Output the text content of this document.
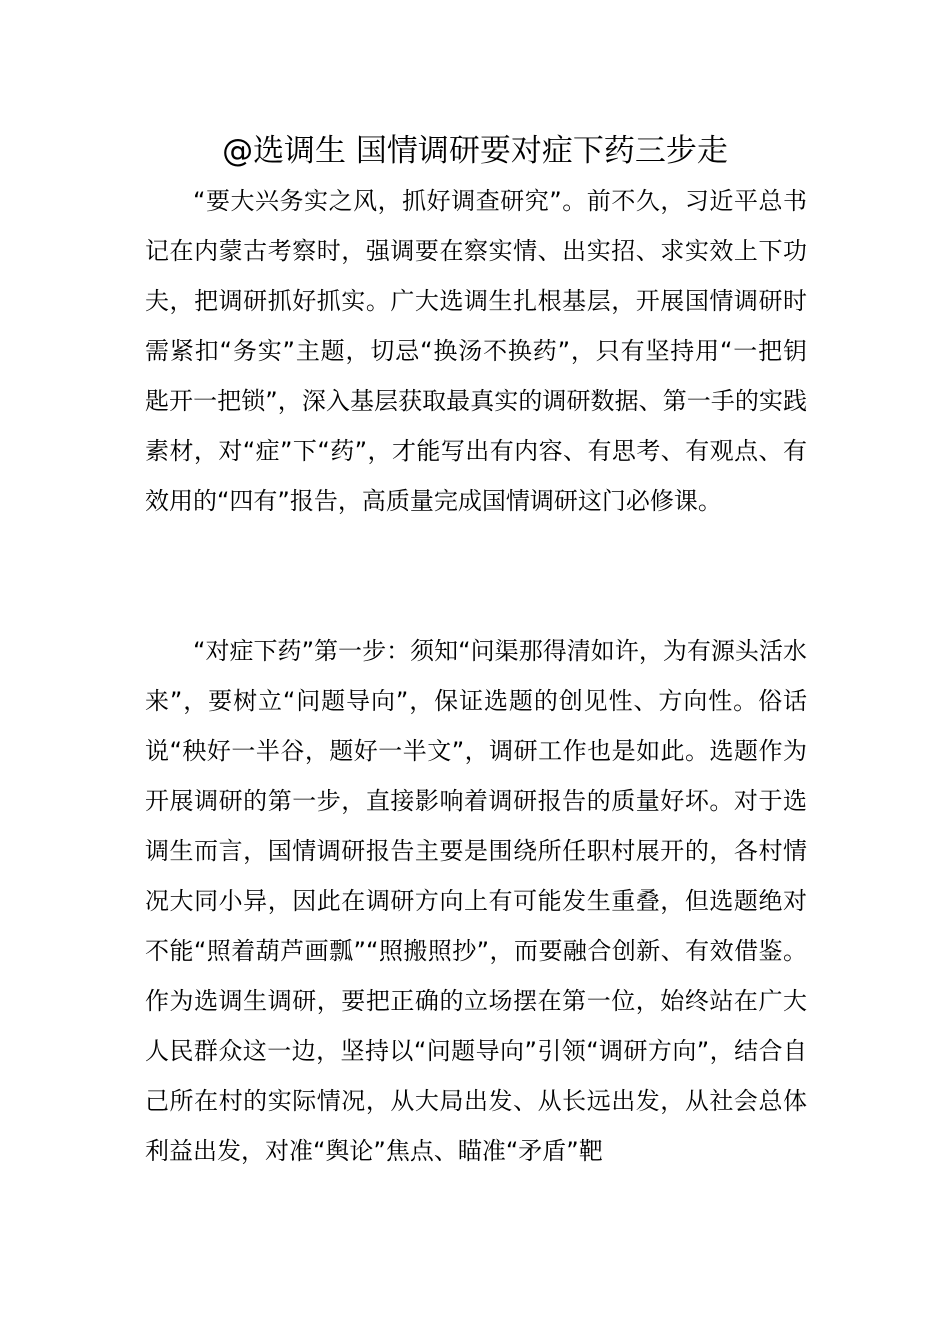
@选调生 国情调研要对症下药三步走

“要大兴务实之风，抓好调查研究”。前不久，习近平总书记在内蒙古考察时，强调要在察实情、出实招、求实效上下功夫，把调研抓好抓实。广大选调生扎根基层，开展国情调研时需紧扣“务实”主题，切忌“换汤不换药”，只有坚持用“一把钥匙开一把锁”，深入基层获取最真实的调研数据、第一手的实践素材，对“症”下“药”，才能写出有内容、有思考、有观点、有效用的“四有”报告，高质量完成国情调研这门必修课。

“对症下药”第一步：须知“问渠那得清如许，为有源头活水来”，要树立“问题导向”，保证选题的创见性、方向性。俗话说“秧好一半谷，题好一半文”，调研工作也是如此。选题作为开展调研的第一步，直接影响着调研报告的质量好坏。对于选调生而言，国情调研报告主要是围绕所任职村展开的，各村情况大同小异，因此在调研方向上有可能发生重叠，但选题绝对不能“照着葫芦画瓢”“照搬照抄”，而要融合创新、有效借鉴。作为选调生调研，要把正确的立场摆在第一位，始终站在广大人民群众这一边，坚持以“问题导向”引领“调研方向”，结合自己所在村的实际情况，从大局出发、从长远出发，从社会总体利益出发，对准“舆论”焦点、瞄准“矛盾”靶
